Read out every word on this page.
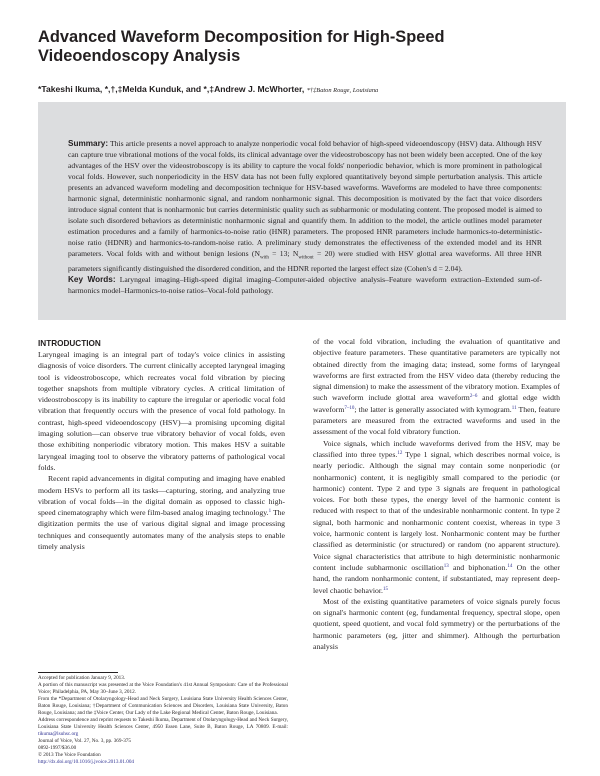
Advanced Waveform Decomposition for High-Speed Videoendoscopy Analysis
*Takeshi Ikuma, *,†,‡Melda Kunduk, and *,‡Andrew J. McWhorter, *†‡Baton Rouge, Louisiana

Summary: This article presents a novel approach to analyze nonperiodic vocal fold behavior of high-speed videoendoscopy (HSV) data. Although HSV can capture true vibrational motions of the vocal folds, its clinical advantage over the videostroboscopy has not been widely been accepted. One of the key advantages of the HSV over the videostroboscopy is its ability to capture the vocal folds' nonperiodic behavior, which is more prominent in pathological vocal folds. However, such nonperiodicity in the HSV data has not been fully explored quantitatively beyond simple perturbation analysis. This article presents an advanced waveform modeling and decomposition technique for HSV-based waveforms. Waveforms are modeled to have three components: harmonic signal, deterministic nonharmonic signal, and random nonharmonic signal. This decomposition is motivated by the fact that voice disorders introduce signal content that is nonharmonic but carries deterministic quality such as subharmonic or modulating content. The proposed model is aimed to isolate such disordered behaviors as deterministic nonharmonic signal and quantify them. In addition to the model, the article outlines model parameter estimation procedures and a family of harmonics-to-noise ratio (HNR) parameters. The proposed HNR parameters include harmonics-to-deterministic-noise ratio (HDNR) and harmonics-to-random-noise ratio. A preliminary study demonstrates the effectiveness of the extended model and its HNR parameters. Vocal folds with and without benign lesions ($N_{with} = 13$; $N_{without} = 20$) were studied with HSV glottal area waveforms. All three HNR parameters significantly distinguished the disordered condition, and the HDNR reported the largest effect size (Cohen's d = 2.04).

Key Words: Laryngeal imaging–High-speed digital imaging–Computer-aided objective analysis–Feature waveform extraction–Extended sum-of-harmonics model–Harmonics-to-noise ratios–Vocal-fold pathology.

INTRODUCTION

Laryngeal imaging is an integral part of today's voice clinics in assisting diagnosis of voice disorders. The current clinically accepted laryngeal imaging tool is videostroboscope, which recreates vocal fold vibration by piecing together snapshots from multiple vibratory cycles. A critical limitation of videostroboscopy is its inability to capture the irregular or aperiodic vocal fold vibration that frequently occurs with the presence of vocal fold pathology. In contrast, high-speed videoendoscopy (HSV)—a promising upcoming digital imaging solution—can observe true vibratory behavior of vocal folds, even those exhibiting nonperiodic vibratory motion. This makes HSV a suitable laryngeal imaging tool to observe the vibratory patterns of pathological vocal folds.

Recent rapid advancements in digital computing and imaging have enabled modern HSVs to perform all its tasks—capturing, storing, and analyzing true vibration of vocal folds—in the digital domain as opposed to classic high-speed cinematography which were film-based analog imaging technology.$^1$ The digitization permits the use of various digital signal and image processing techniques and consequently automates many of the analysis steps to enable timely analysis

Accepted for publication January 9, 2013.
A portion of this manuscript was presented at the Voice Foundation's 41st Annual Symposium: Care of the Professional Voice; Philadelphia, PA, May 30–June 3, 2012.
From the *Department of Otolaryngology-Head and Neck Surgery, Louisiana State University Health Sciences Center, Baton Rouge, Louisiana; †Department of Communication Sciences and Disorders, Louisiana State University, Baton Rouge, Louisiana; and the ‡Voice Center, Our Lady of the Lake Regional Medical Center, Baton Rouge, Louisiana.
Address correspondence and reprint requests to Takeshi Ikuma, Department of Otolaryngology-Head and Neck Surgery, Louisiana State University Health Sciences Center, 4950 Essen Lane, Suite B, Baton Rouge, LA 70809. E-mail: tikuma@lsuhsc.org
Journal of Voice, Vol. 27, No. 3, pp. 369-375
0892-1997/$36.00
© 2013 The Voice Foundation
http://dx.doi.org/10.1016/j.jvoice.2013.01.004

of the vocal fold vibration, including the evaluation of quantitative and objective feature parameters. These quantitative parameters are typically not obtained directly from the imaging data; instead, some forms of laryngeal waveforms are first extracted from the HSV video data (thereby reducing the signal dimension) to make the assessment of the vibratory motion. Examples of such waveform include glottal area waveform$^{2-6}$ and glottal edge width waveform$^{7-10}$; the latter is generally associated with kymogram.$^{11}$ Then, feature parameters are measured from the extracted waveforms and used in the assessment of the vocal fold vibratory function.

Voice signals, which include waveforms derived from the HSV, may be classified into three types.$^{12}$ Type 1 signal, which describes normal voice, is nearly periodic. Although the signal may contain some nonperiodic (or nonharmonic) content, it is negligibly small compared to the periodic (or harmonic) content. Type 2 and type 3 signals are frequent in pathological voices. For both these types, the energy level of the harmonic content is reduced with respect to that of the undesirable nonharmonic content. In type 2 signal, both harmonic and nonharmonic content coexist, whereas in type 3 voice, harmonic content is largely lost. Nonharmonic content may be further classified as deterministic (or structured) or random (no apparent structure). Voice signal characteristics that attribute to high deterministic nonharmonic content include subharmonic oscillation$^{13}$ and biphonation.$^{14}$ On the other hand, the random nonharmonic content, if substantiated, may represent deep-level chaotic behavior.$^{15}$

Most of the existing quantitative parameters of voice signals purely focus on signal's harmonic content (eg, fundamental frequency, spectral slope, open quotient, speed quotient, and vocal fold symmetry) or the perturbations of the harmonic parameters (eg, jitter and shimmer). Although the perturbation analysis
